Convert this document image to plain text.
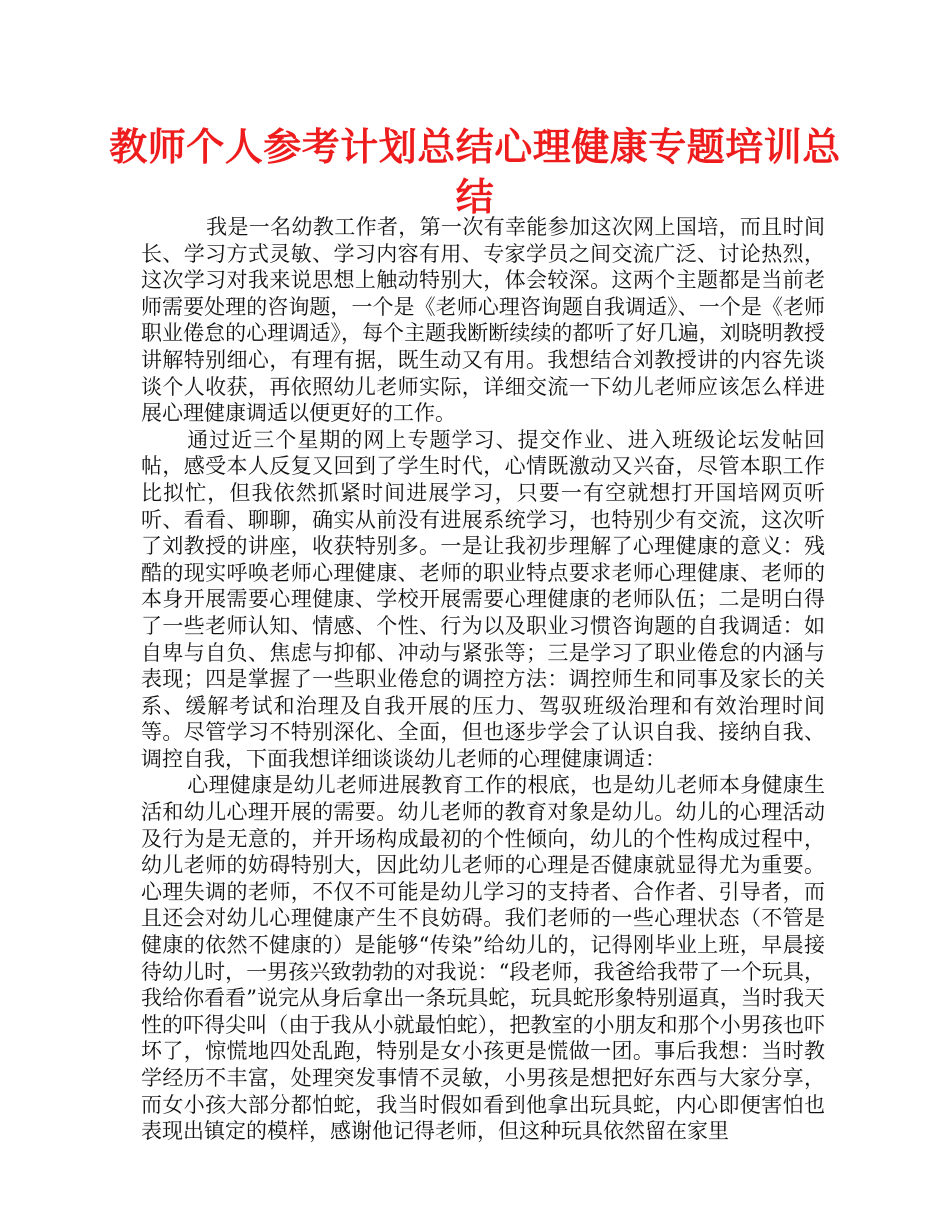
教师个人参考计划总结心理健康专题培训总结

我是一名幼教工作者，第一次有幸能参加这次网上国培，而且时间长、学习方式灵敏、学习内容有用、专家学员之间交流广泛、讨论热烈，这次学习对我来说思想上触动特别大，体会较深。这两个主题都是当前老师需要处理的咨询题，一个是《老师心理咨询题自我调适》、一个是《老师职业倦怠的心理调适》，每个主题我断断续续的都听了好几遍，刘晓明教授讲解特别细心，有理有据，既生动又有用。我想结合刘教授讲的内容先谈谈个人收获，再依照幼儿老师实际，详细交流一下幼儿老师应该怎么样进展心理健康调适以便更好的工作。

通过近三个星期的网上专题学习、提交作业、进入班级论坛发帖回帖，感受本人反复又回到了学生时代，心情既激动又兴奋，尽管本职工作比拟忙，但我依然抓紧时间进展学习，只要一有空就想打开国培网页听听、看看、聊聊，确实从前没有进展系统学习，也特别少有交流，这次听了刘教授的讲座，收获特别多。一是让我初步理解了心理健康的意义：残酷的现实呼唤老师心理健康、老师的职业特点要求老师心理健康、老师的本身开展需要心理健康、学校开展需要心理健康的老师队伍；二是明白得了一些老师认知、情感、个性、行为以及职业习惯咨询题的自我调适：如自卑与自负、焦虑与抑郁、冲动与紧张等；三是学习了职业倦怠的内涵与表现；四是掌握了一些职业倦怠的调控方法：调控师生和同事及家长的关系、缓解考试和治理及自我开展的压力、驾驭班级治理和有效治理时间等。尽管学习不特别深化、全面，但也逐步学会了认识自我、接纳自我、调控自我，下面我想详细谈谈幼儿老师的心理健康调适：

心理健康是幼儿老师进展教育工作的根底，也是幼儿老师本身健康生活和幼儿心理开展的需要。幼儿老师的教育对象是幼儿。幼儿的心理活动及行为是无意的，并开场构成最初的个性倾向，幼儿的个性构成过程中，幼儿老师的妨碍特别大，因此幼儿老师的心理是否健康就显得尤为重要。心理失调的老师，不仅不可能是幼儿学习的支持者、合作者、引导者，而且还会对幼儿心理健康产生不良妨碍。我们老师的一些心理状态（不管是健康的依然不健康的）是能够“传染”给幼儿的，记得刚毕业上班，早晨接待幼儿时，一男孩兴致勃勃的对我说：“段老师，我爸给我带了一个玩具，我给你看看”说完从身后拿出一条玩具蛇，玩具蛇形象特别逼真，当时我天性的吓得尖叫（由于我从小就最怕蛇），把教室的小朋友和那个小男孩也吓坏了，惊慌地四处乱跑，特别是女小孩更是慌做一团。事后我想：当时教学经历不丰富，处理突发事情不灵敏，小男孩是想把好东西与大家分享，而女小孩大部分都怕蛇，我当时假如看到他拿出玩具蛇，内心即便害怕也表现出镇定的模样，感谢他记得老师，但这种玩具依然留在家里
